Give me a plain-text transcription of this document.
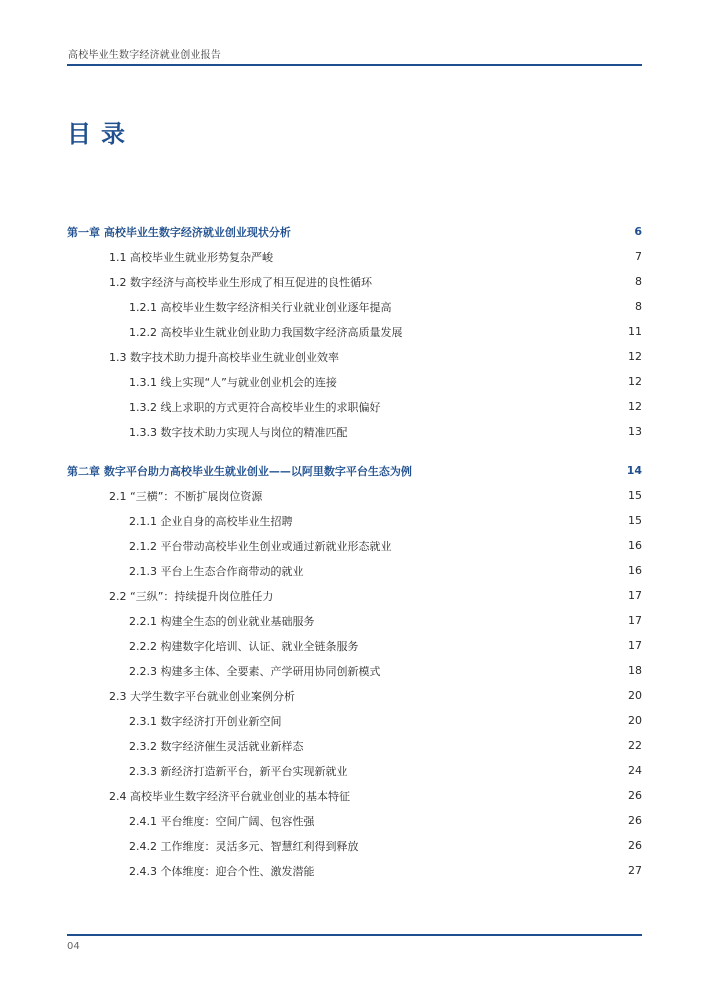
高校毕业生数字经济就业创业报告
目录
第一章 高校毕业生数字经济就业创业现状分析	6
1.1 高校毕业生就业形势复杂严峻	7
1.2 数字经济与高校毕业生形成了相互促进的良性循环	8
1.2.1 高校毕业生数字经济相关行业就业创业逐年提高	8
1.2.2 高校毕业生就业创业助力我国数字经济高质量发展	11
1.3 数字技术助力提升高校毕业生就业创业效率	12
1.3.1 线上实现“人”与就业创业机会的连接	12
1.3.2 线上求职的方式更符合高校毕业生的求职偏好	12
1.3.3 数字技术助力实现人与岗位的精准匹配	13
第二章 数字平台助力高校毕业生就业创业——以阿里数字平台生态为例	14
2.1 “三横”：不断扩展岗位资源	15
2.1.1 企业自身的高校毕业生招聘	15
2.1.2 平台带动高校毕业生创业或通过新就业形态就业	16
2.1.3 平台上生态合作商带动的就业	16
2.2 “三纵”：持续提升岗位胜任力	17
2.2.1 构建全生态的创业就业基础服务	17
2.2.2 构建数字化培训、认证、就业全链条服务	17
2.2.3 构建多主体、全要素、产学研用协同创新模式	18
2.3 大学生数字平台就业创业案例分析	20
2.3.1 数字经济打开创业新空间	20
2.3.2 数字经济催生灵活就业新样态	22
2.3.3 新经济打造新平台，新平台实现新就业	24
2.4 高校毕业生数字经济平台就业创业的基本特征	26
2.4.1 平台维度：空间广阔、包容性强	26
2.4.2 工作维度：灵活多元、智慧红利得到释放	26
2.4.3 个体维度：迎合个性、激发潜能	27
04
